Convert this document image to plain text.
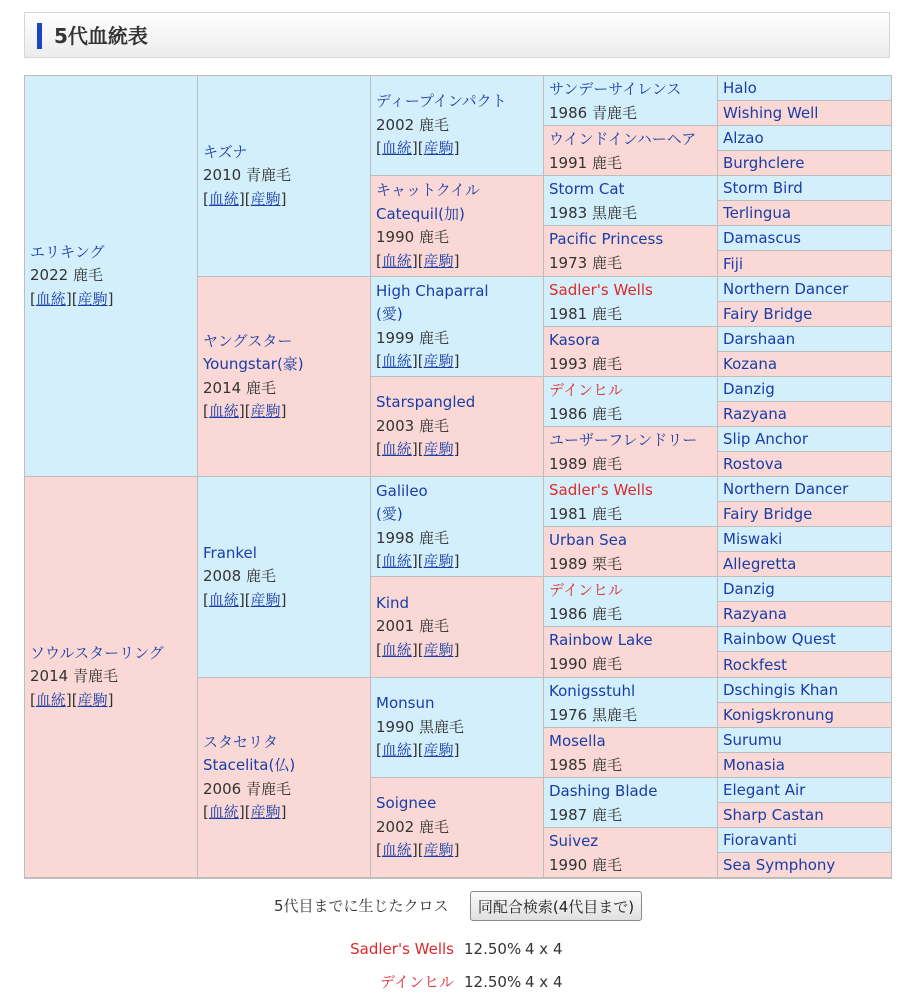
5代血統表
エリキング
2022 鹿毛
[血統][産駒]
ソウルスターリング
2014 青鹿毛
[血統][産駒]
キズナ
2010 青鹿毛
[血統][産駒]
ヤングスター
Youngstar(豪)
2014 鹿毛
[血統][産駒]
Frankel
2008 鹿毛
[血統][産駒]
スタセリタ
Stacelita(仏)
2006 青鹿毛
[血統][産駒]
ディープインパクト
2002 鹿毛
[血統][産駒]
キャットクイル
Catequil(加)
1990 鹿毛
[血統][産駒]
High Chaparral
(愛)
1999 鹿毛
[血統][産駒]
Starspangled
2003 鹿毛
[血統][産駒]
Galileo
(愛)
1998 鹿毛
[血統][産駒]
Kind
2001 鹿毛
[血統][産駒]
Monsun
1990 黒鹿毛
[血統][産駒]
Soignee
2002 鹿毛
[血統][産駒]
サンデーサイレンス
1986 青鹿毛
ウインドインハーヘア
1991 鹿毛
Storm Cat
1983 黒鹿毛
Pacific Princess
1973 鹿毛
Sadler's Wells
1981 鹿毛
Kasora
1993 鹿毛
デインヒル
1986 鹿毛
ユーザーフレンドリー
1989 鹿毛
Sadler's Wells
1981 鹿毛
Urban Sea
1989 栗毛
デインヒル
1986 鹿毛
Rainbow Lake
1990 鹿毛
Konigsstuhl
1976 黒鹿毛
Mosella
1985 鹿毛
Dashing Blade
1987 鹿毛
Suivez
1990 鹿毛
Halo
Wishing Well
Alzao
Burghclere
Storm Bird
Terlingua
Damascus
Fiji
Northern Dancer
Fairy Bridge
Darshaan
Kozana
Danzig
Razyana
Slip Anchor
Rostova
Northern Dancer
Fairy Bridge
Miswaki
Allegretta
Danzig
Razyana
Rainbow Quest
Rockfest
Dschingis Khan
Konigskronung
Surumu
Monasia
Elegant Air
Sharp Castan
Fioravanti
Sea Symphony
5代目までに生じたクロス	同配合検索(4代目まで)
Sadler's Wells 12.50% 4 x 4
デインヒル 12.50% 4 x 4
